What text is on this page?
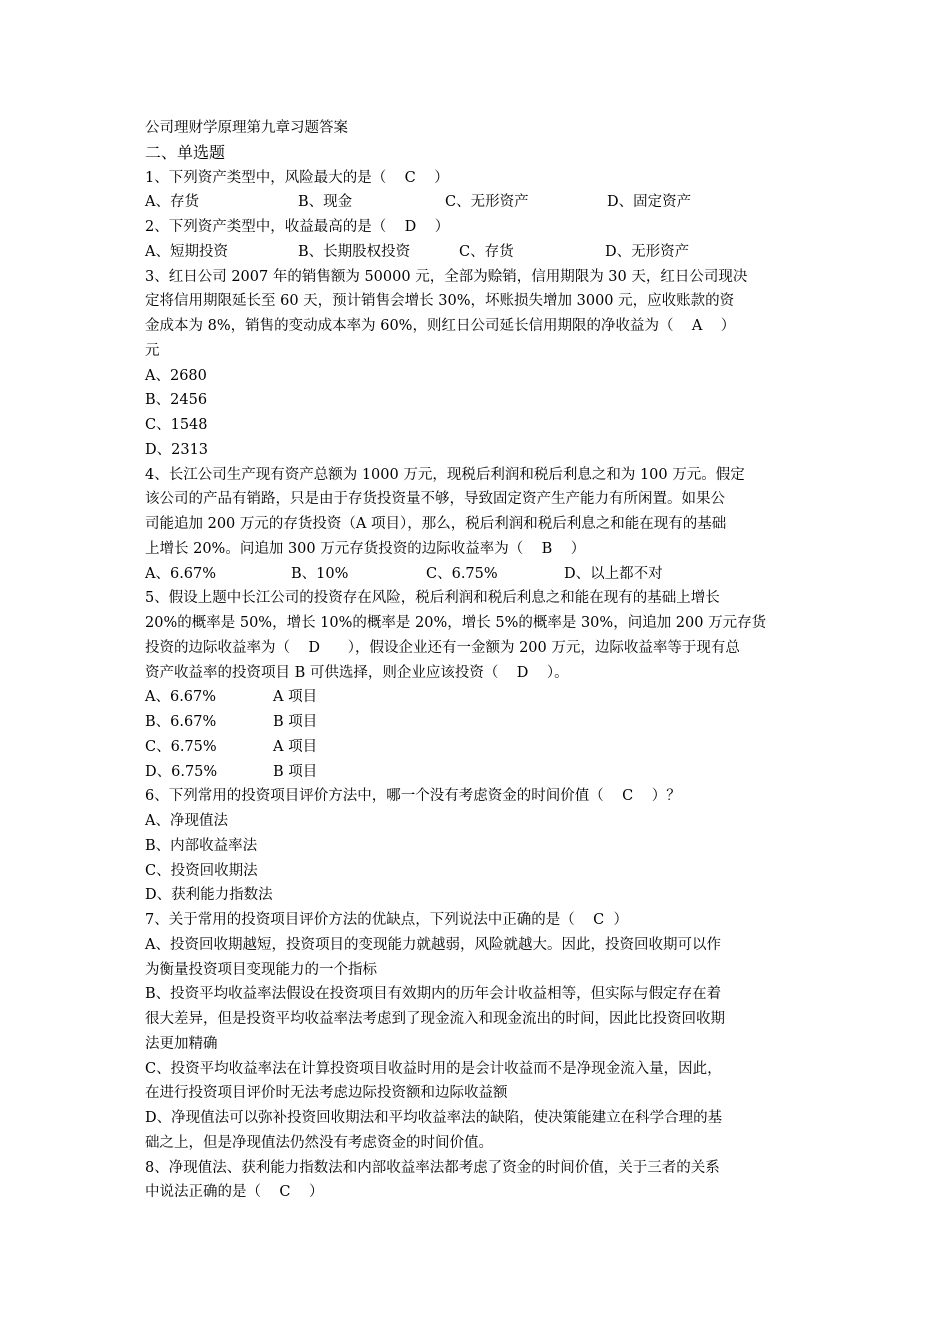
公司理财学原理第九章习题答案
二、单选题
1、下列资产类型中，风险最大的是（    C    ）
A、存货	B、现金	C、无形资产	D、固定资产
2、下列资产类型中，收益最高的是（    D    ）
A、短期投资	B、长期股权投资	C、存货	D、无形资产
3、红日公司 2007 年的销售额为 50000 元，全部为赊销，信用期限为 30 天，红日公司现决
定将信用期限延长至 60 天，预计销售会增长 30%，坏账损失增加 3000 元，应收账款的资
金成本为 8%，销售的变动成本率为 60%，则红日公司延长信用期限的净收益为（    A    ）
元
A、2680
B、2456
C、1548
D、2313
4、长江公司生产现有资产总额为 1000 万元，现税后利润和税后利息之和为 100 万元。假定
该公司的产品有销路，只是由于存货投资量不够，导致固定资产生产能力有所闲置。如果公
司能追加 200 万元的存货投资（A 项目），那么，税后利润和税后利息之和能在现有的基础
上增长 20%。问追加 300 万元存货投资的边际收益率为（    B    ）
A、6.67%	B、10%	C、6.75%	D、以上都不对
5、假设上题中长江公司的投资存在风险，税后利润和税后利息之和能在现有的基础上增长
20%的概率是 50%，增长 10%的概率是 20%，增长 5%的概率是 30%，问追加 200 万元存货
投资的边际收益率为（    D      ），假设企业还有一金额为 200 万元，边际收益率等于现有总
资产收益率的投资项目 B 可供选择，则企业应该投资（    D    ）。
A、6.67%	A 项目
B、6.67%	B 项目
C、6.75%	A 项目
D、6.75%	B 项目
6、下列常用的投资项目评价方法中，哪一个没有考虑资金的时间价值（    C    ）？
A、净现值法
B、内部收益率法
C、投资回收期法
D、获利能力指数法
7、关于常用的投资项目评价方法的优缺点，下列说法中正确的是（    C  ）
A、投资回收期越短，投资项目的变现能力就越弱，风险就越大。因此，投资回收期可以作
为衡量投资项目变现能力的一个指标
B、投资平均收益率法假设在投资项目有效期内的历年会计收益相等，但实际与假定存在着
很大差异，但是投资平均收益率法考虑到了现金流入和现金流出的时间，因此比投资回收期
法更加精确
C、投资平均收益率法在计算投资项目收益时用的是会计收益而不是净现金流入量，因此，
在进行投资项目评价时无法考虑边际投资额和边际收益额
D、净现值法可以弥补投资回收期法和平均收益率法的缺陷，使决策能建立在科学合理的基
础之上，但是净现值法仍然没有考虑资金的时间价值。
8、净现值法、获利能力指数法和内部收益率法都考虑了资金的时间价值，关于三者的关系
中说法正确的是（    C    ）
